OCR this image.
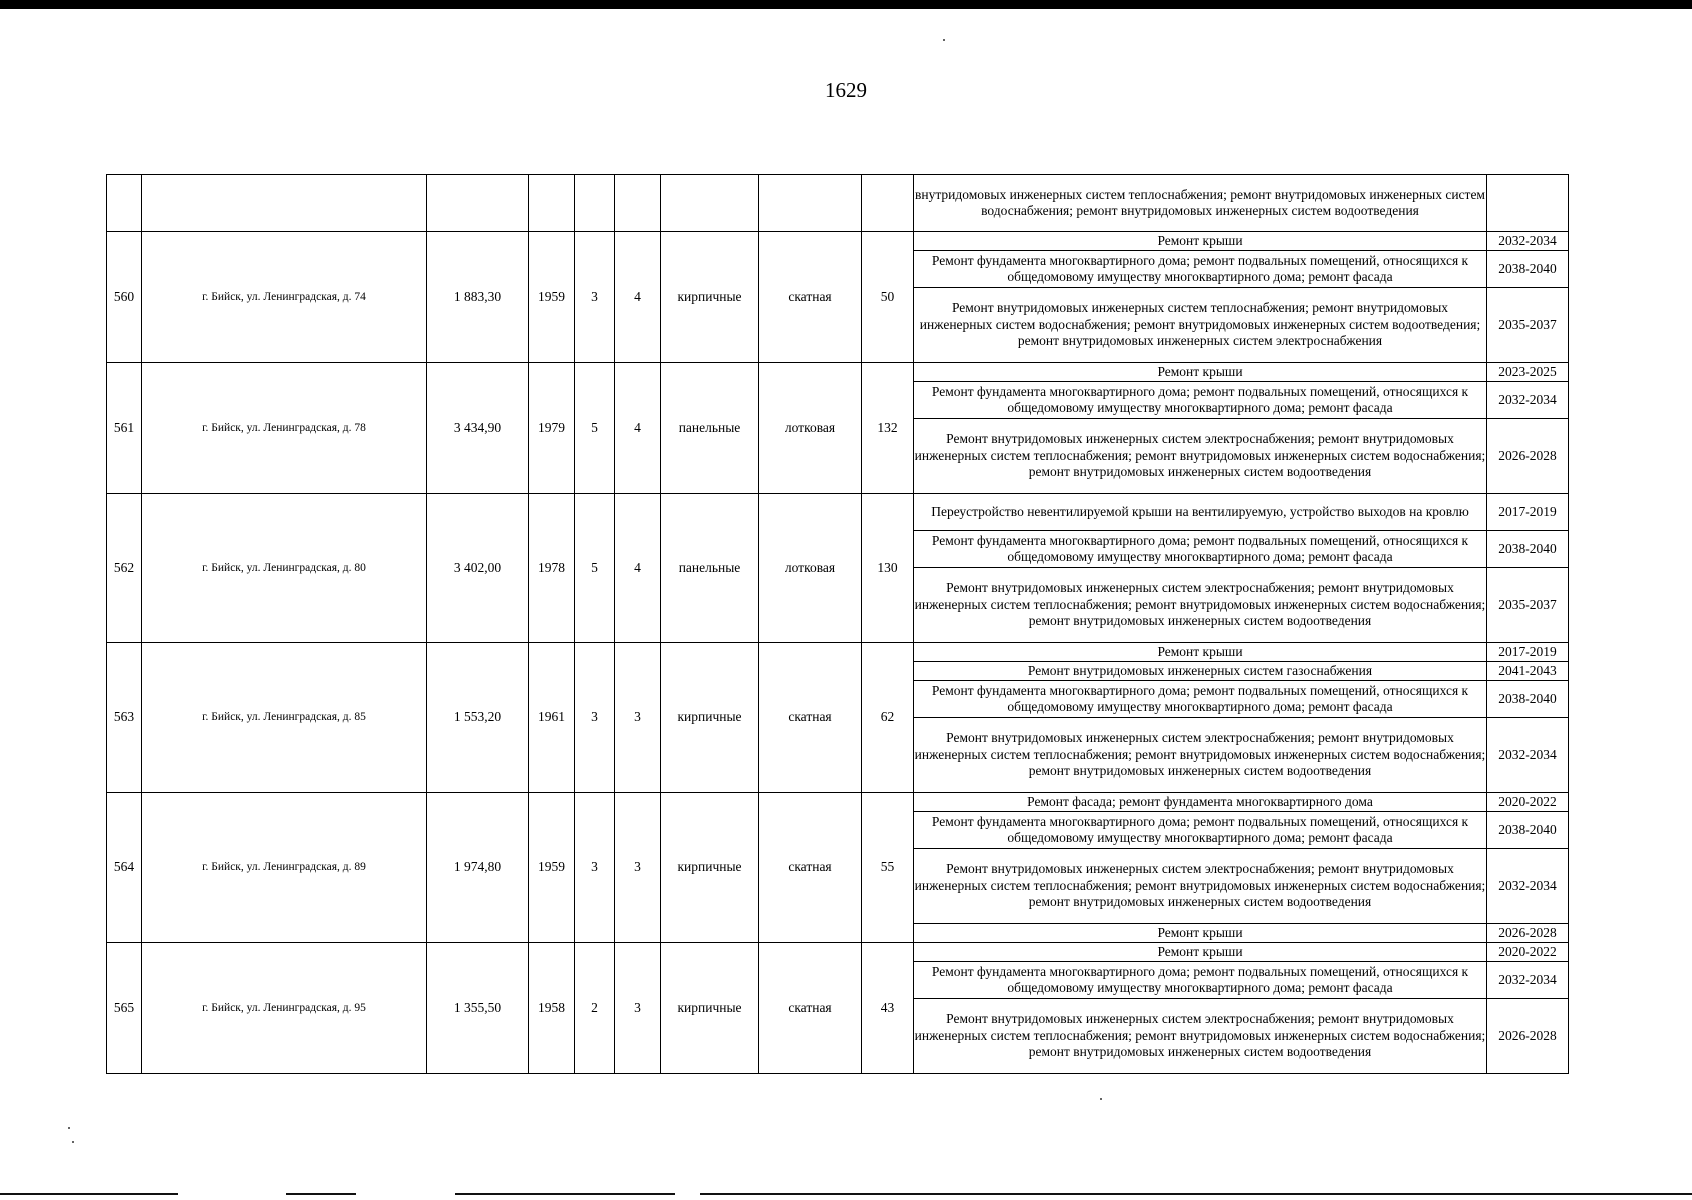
1629
									внутридомовых инженерных систем теплоснабжения; ремонт внутридомовых инженерных систем водоснабжения; ремонт внутридомовых инженерных систем водоотведения	
560	г. Бийск, ул. Ленинградская, д. 74	1 883,30	1959	3	4	кирпичные	скатная	50	Ремонт крыши	2032-2034
									Ремонт фундамента многоквартирного дома; ремонт подвальных помещений, относящихся к общедомовому имуществу многоквартирного дома; ремонт фасада	2038-2040
									Ремонт внутридомовых инженерных систем теплоснабжения; ремонт внутридомовых инженерных систем водоснабжения; ремонт внутридомовых инженерных систем водоотведения; ремонт внутридомовых инженерных систем электроснабжения	2035-2037
561	г. Бийск, ул. Ленинградская, д. 78	3 434,90	1979	5	4	панельные	лотковая	132	Ремонт крыши	2023-2025
									Ремонт фундамента многоквартирного дома; ремонт подвальных помещений, относящихся к общедомовому имуществу многоквартирного дома; ремонт фасада	2032-2034
									Ремонт внутридомовых инженерных систем электроснабжения; ремонт внутридомовых инженерных систем теплоснабжения; ремонт внутридомовых инженерных систем водоснабжения; ремонт внутридомовых инженерных систем водоотведения	2026-2028
562	г. Бийск, ул. Ленинградская, д. 80	3 402,00	1978	5	4	панельные	лотковая	130	Переустройство невентилируемой крыши на вентилируемую, устройство выходов на кровлю	2017-2019
									Ремонт фундамента многоквартирного дома; ремонт подвальных помещений, относящихся к общедомовому имуществу многоквартирного дома; ремонт фасада	2038-2040
									Ремонт внутридомовых инженерных систем электроснабжения; ремонт внутридомовых инженерных систем теплоснабжения; ремонт внутридомовых инженерных систем водоснабжения; ремонт внутридомовых инженерных систем водоотведения	2035-2037
563	г. Бийск, ул. Ленинградская, д. 85	1 553,20	1961	3	3	кирпичные	скатная	62	Ремонт крыши	2017-2019
									Ремонт внутридомовых инженерных систем газоснабжения	2041-2043
									Ремонт фундамента многоквартирного дома; ремонт подвальных помещений, относящихся к общедомовому имуществу многоквартирного дома; ремонт фасада	2038-2040
									Ремонт внутридомовых инженерных систем электроснабжения; ремонт внутридомовых инженерных систем теплоснабжения; ремонт внутридомовых инженерных систем водоснабжения; ремонт внутридомовых инженерных систем водоотведения	2032-2034
564	г. Бийск, ул. Ленинградская, д. 89	1 974,80	1959	3	3	кирпичные	скатная	55	Ремонт фасада; ремонт фундамента многоквартирного дома	2020-2022
									Ремонт фундамента многоквартирного дома; ремонт подвальных помещений, относящихся к общедомовому имуществу многоквартирного дома; ремонт фасада	2038-2040
									Ремонт внутридомовых инженерных систем электроснабжения; ремонт внутридомовых инженерных систем теплоснабжения; ремонт внутридомовых инженерных систем водоснабжения; ремонт внутридомовых инженерных систем водоотведения	2032-2034
									Ремонт крыши	2026-2028
565	г. Бийск, ул. Ленинградская, д. 95	1 355,50	1958	2	3	кирпичные	скатная	43	Ремонт крыши	2020-2022
									Ремонт фундамента многоквартирного дома; ремонт подвальных помещений, относящихся к общедомовому имуществу многоквартирного дома; ремонт фасада	2032-2034
									Ремонт внутридомовых инженерных систем электроснабжения; ремонт внутридомовых инженерных систем теплоснабжения; ремонт внутридомовых инженерных систем водоснабжения; ремонт внутридомовых инженерных систем водоотведения	2026-2028
